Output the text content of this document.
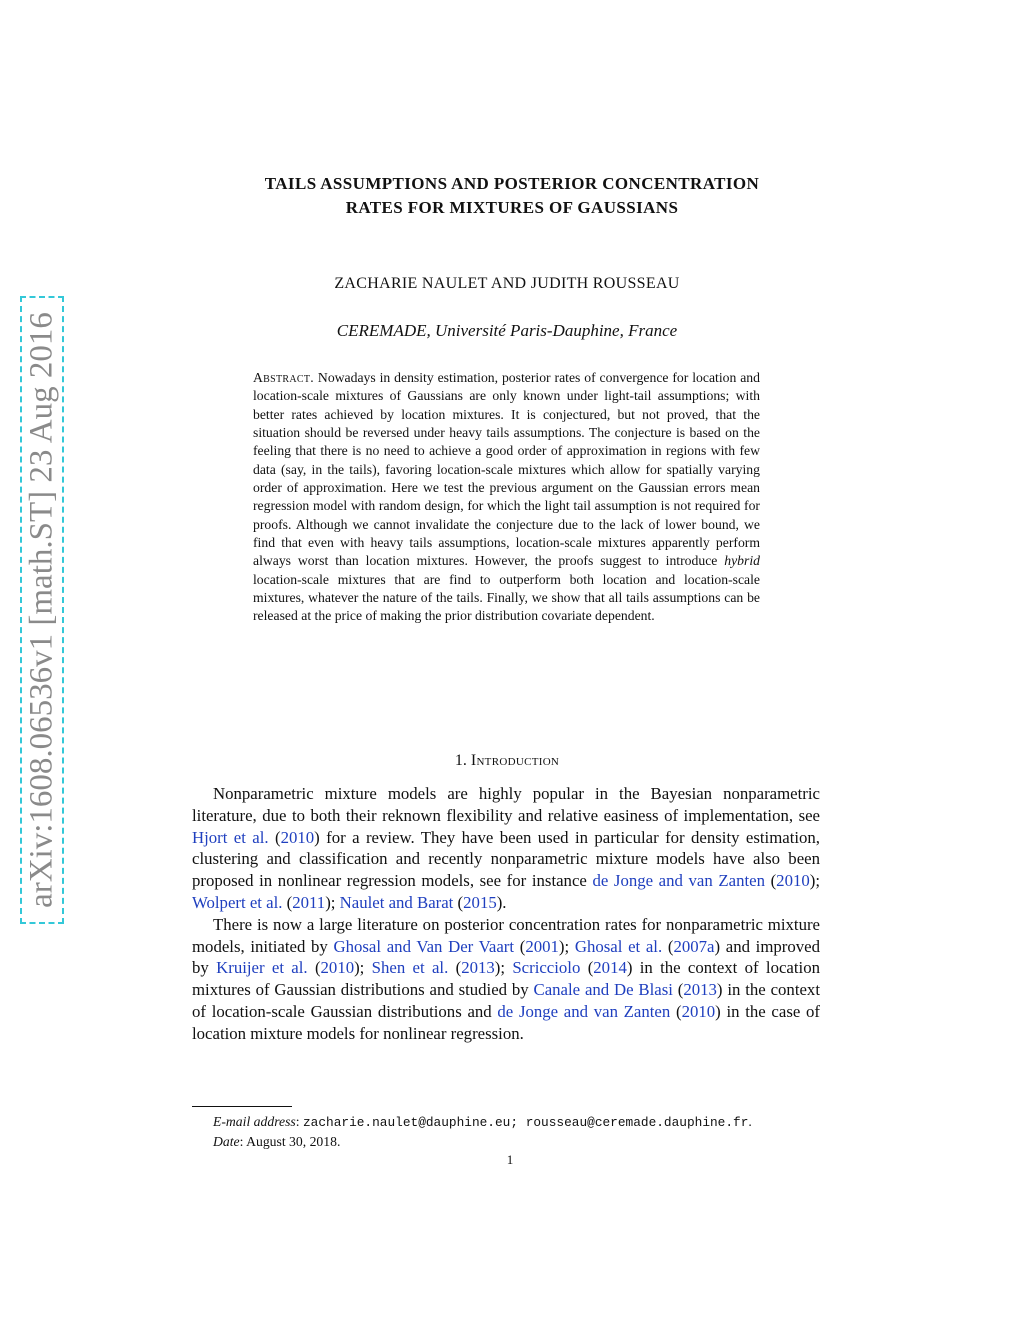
arXiv:1608.06536v1 [math.ST] 23 Aug 2016
TAILS ASSUMPTIONS AND POSTERIOR CONCENTRATION
RATES FOR MIXTURES OF GAUSSIANS
ZACHARIE NAULET AND JUDITH ROUSSEAU
CEREMADE, Université Paris-Dauphine, France
Abstract. Nowadays in density estimation, posterior rates of convergence for location and location-scale mixtures of Gaussians are only known under light-tail assumptions; with better rates achieved by location mixtures. It is conjectured, but not proved, that the situation should be reversed under heavy tails assumptions. The conjecture is based on the feeling that there is no need to achieve a good order of approximation in regions with few data (say, in the tails), favoring location-scale mixtures which allow for spatially varying order of approximation. Here we test the previous argument on the Gaussian errors mean regression model with random design, for which the light tail assumption is not required for proofs. Although we cannot invalidate the conjecture due to the lack of lower bound, we find that even with heavy tails assumptions, location-scale mixtures apparently perform always worst than location mixtures. However, the proofs suggest to introduce hybrid location-scale mixtures that are find to outperform both location and location-scale mixtures, whatever the nature of the tails. Finally, we show that all tails assumptions can be released at the price of making the prior distribution covariate dependent.
1. Introduction

Nonparametric mixture models are highly popular in the Bayesian nonparametric literature, due to both their reknown flexibility and relative easiness of implementation, see Hjort et al. (2010) for a review. They have been used in particular for density estimation, clustering and classification and recently nonparametric mixture models have also been proposed in nonlinear regression models, see for instance de Jonge and van Zanten (2010); Wolpert et al. (2011); Naulet and Barat (2015).

There is now a large literature on posterior concentration rates for nonparametric mixture models, initiated by Ghosal and Van Der Vaart (2001); Ghosal et al. (2007a) and improved by Kruijer et al. (2010); Shen et al. (2013); Scricciolo (2014) in the context of location mixtures of Gaussian distributions and studied by Canale and De Blasi (2013) in the context of location-scale Gaussian distributions and de Jonge and van Zanten (2010) in the case of location mixture models for nonlinear regression.

E-mail address: zacharie.naulet@dauphine.eu; rousseau@ceremade.dauphine.fr.
Date: August 30, 2018.
1
